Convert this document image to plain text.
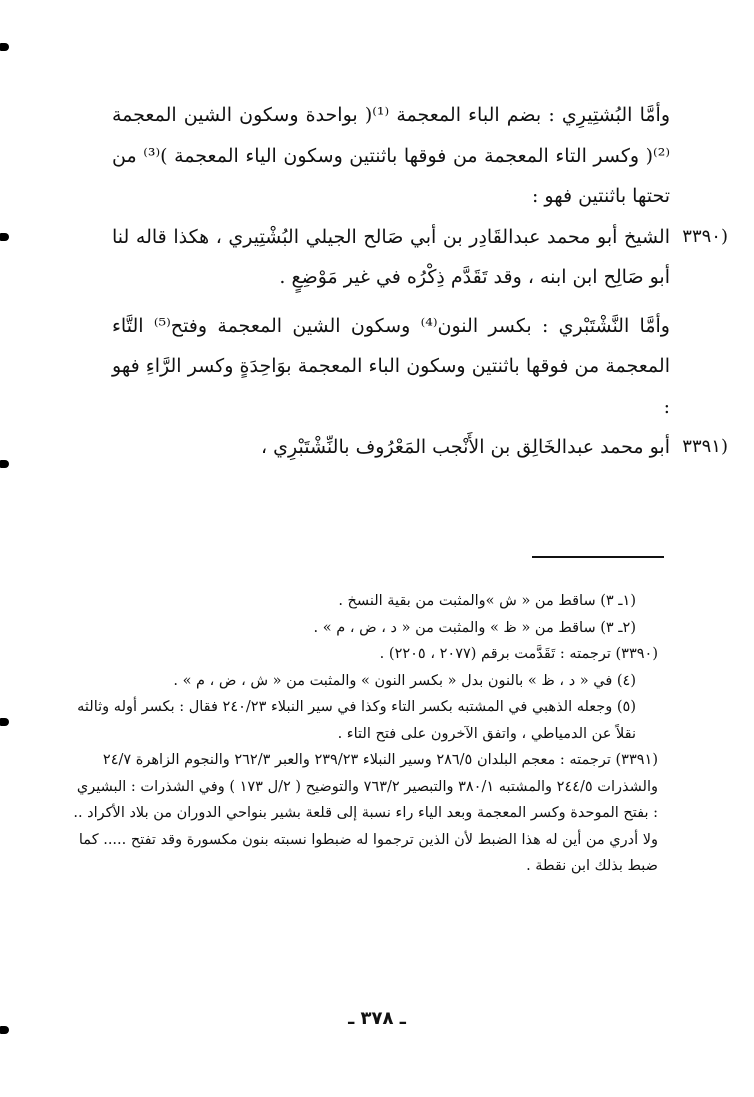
وأمَّا البُشتِيرِي : بضم الباء المعجمة ⁽¹⁾( بواحدة وسكون الشين المعجمة ⁽²⁾( وكسر التاء المعجمة من فوقها باثنتين وسكون الياء المعجمة )⁽³⁾ من تحتها باثنتين فهو :

(٣٣٩٠

الشيخ أبو محمد عبدالقَادِر بن أبي صَالح الجيلي البُشْتِيري ، هكذا قاله لنا أبو صَالِح ابن ابنه ، وقد تَقَدَّم ذِكْرُه في غير مَوْضِعٍ .

وأمَّا النَّشْتَبْري : بكسر النون⁽⁴⁾ وسكون الشين المعجمة وفتح⁽⁵⁾ التَّاء المعجمة من فوقها باثنتين وسكون الباء المعجمة بوَاحِدَةٍ وكسر الرَّاءِ فهو :

(٣٣٩١

أبو محمد عبدالخَالِق بن الأَنْجب المَعْرُوف بالنِّشْتَبْرِي ،

(١ـ ٣) ساقط من « ش »والمثبت من بقية النسخ .

(٢ـ ٣) ساقط من « ظ » والمثبت من « د ، ض ، م » .

(٣٣٩٠) ترجمته : تَقَدَّمت برقم (٢٠٧٧ ، ٢٢٠٥) .

(٤) في « د ، ظ » بالنون بدل « بكسر النون » والمثبت من « ش ، ض ، م » .

(٥) وجعله الذهبي في المشتبه بكسر التاء وكذا في سير النبلاء ٢٤٠/٢٣ فقال : بكسر أوله وثالثه نقلاً عن الدمياطي ، واتفق الآخرون على فتح التاء .

(٣٣٩١) ترجمته : معجم البلدان ٢٨٦/٥ وسير النبلاء ٢٣٩/٢٣ والعبر ٢٦٢/٣ والنجوم الزاهرة ٢٤/٧ والشذرات ٢٤٤/٥ والمشتبه ٣٨٠/١ والتبصير ٧٦٣/٢ والتوضيح ( ٢/ل ١٧٣ ) وفي الشذرات : البشيري : بفتح الموحدة وكسر المعجمة وبعد الياء راء نسبة إلى قلعة بشير بنواحي الدوران من بلاد الأكراد .. ولا أدري من أين له هذا الضبط لأن الذين ترجموا له ضبطوا نسبته بنون مكسورة وقد تفتح ..... كما ضبط بذلك ابن نقطة .

ـ ٣٧٨ ـ
